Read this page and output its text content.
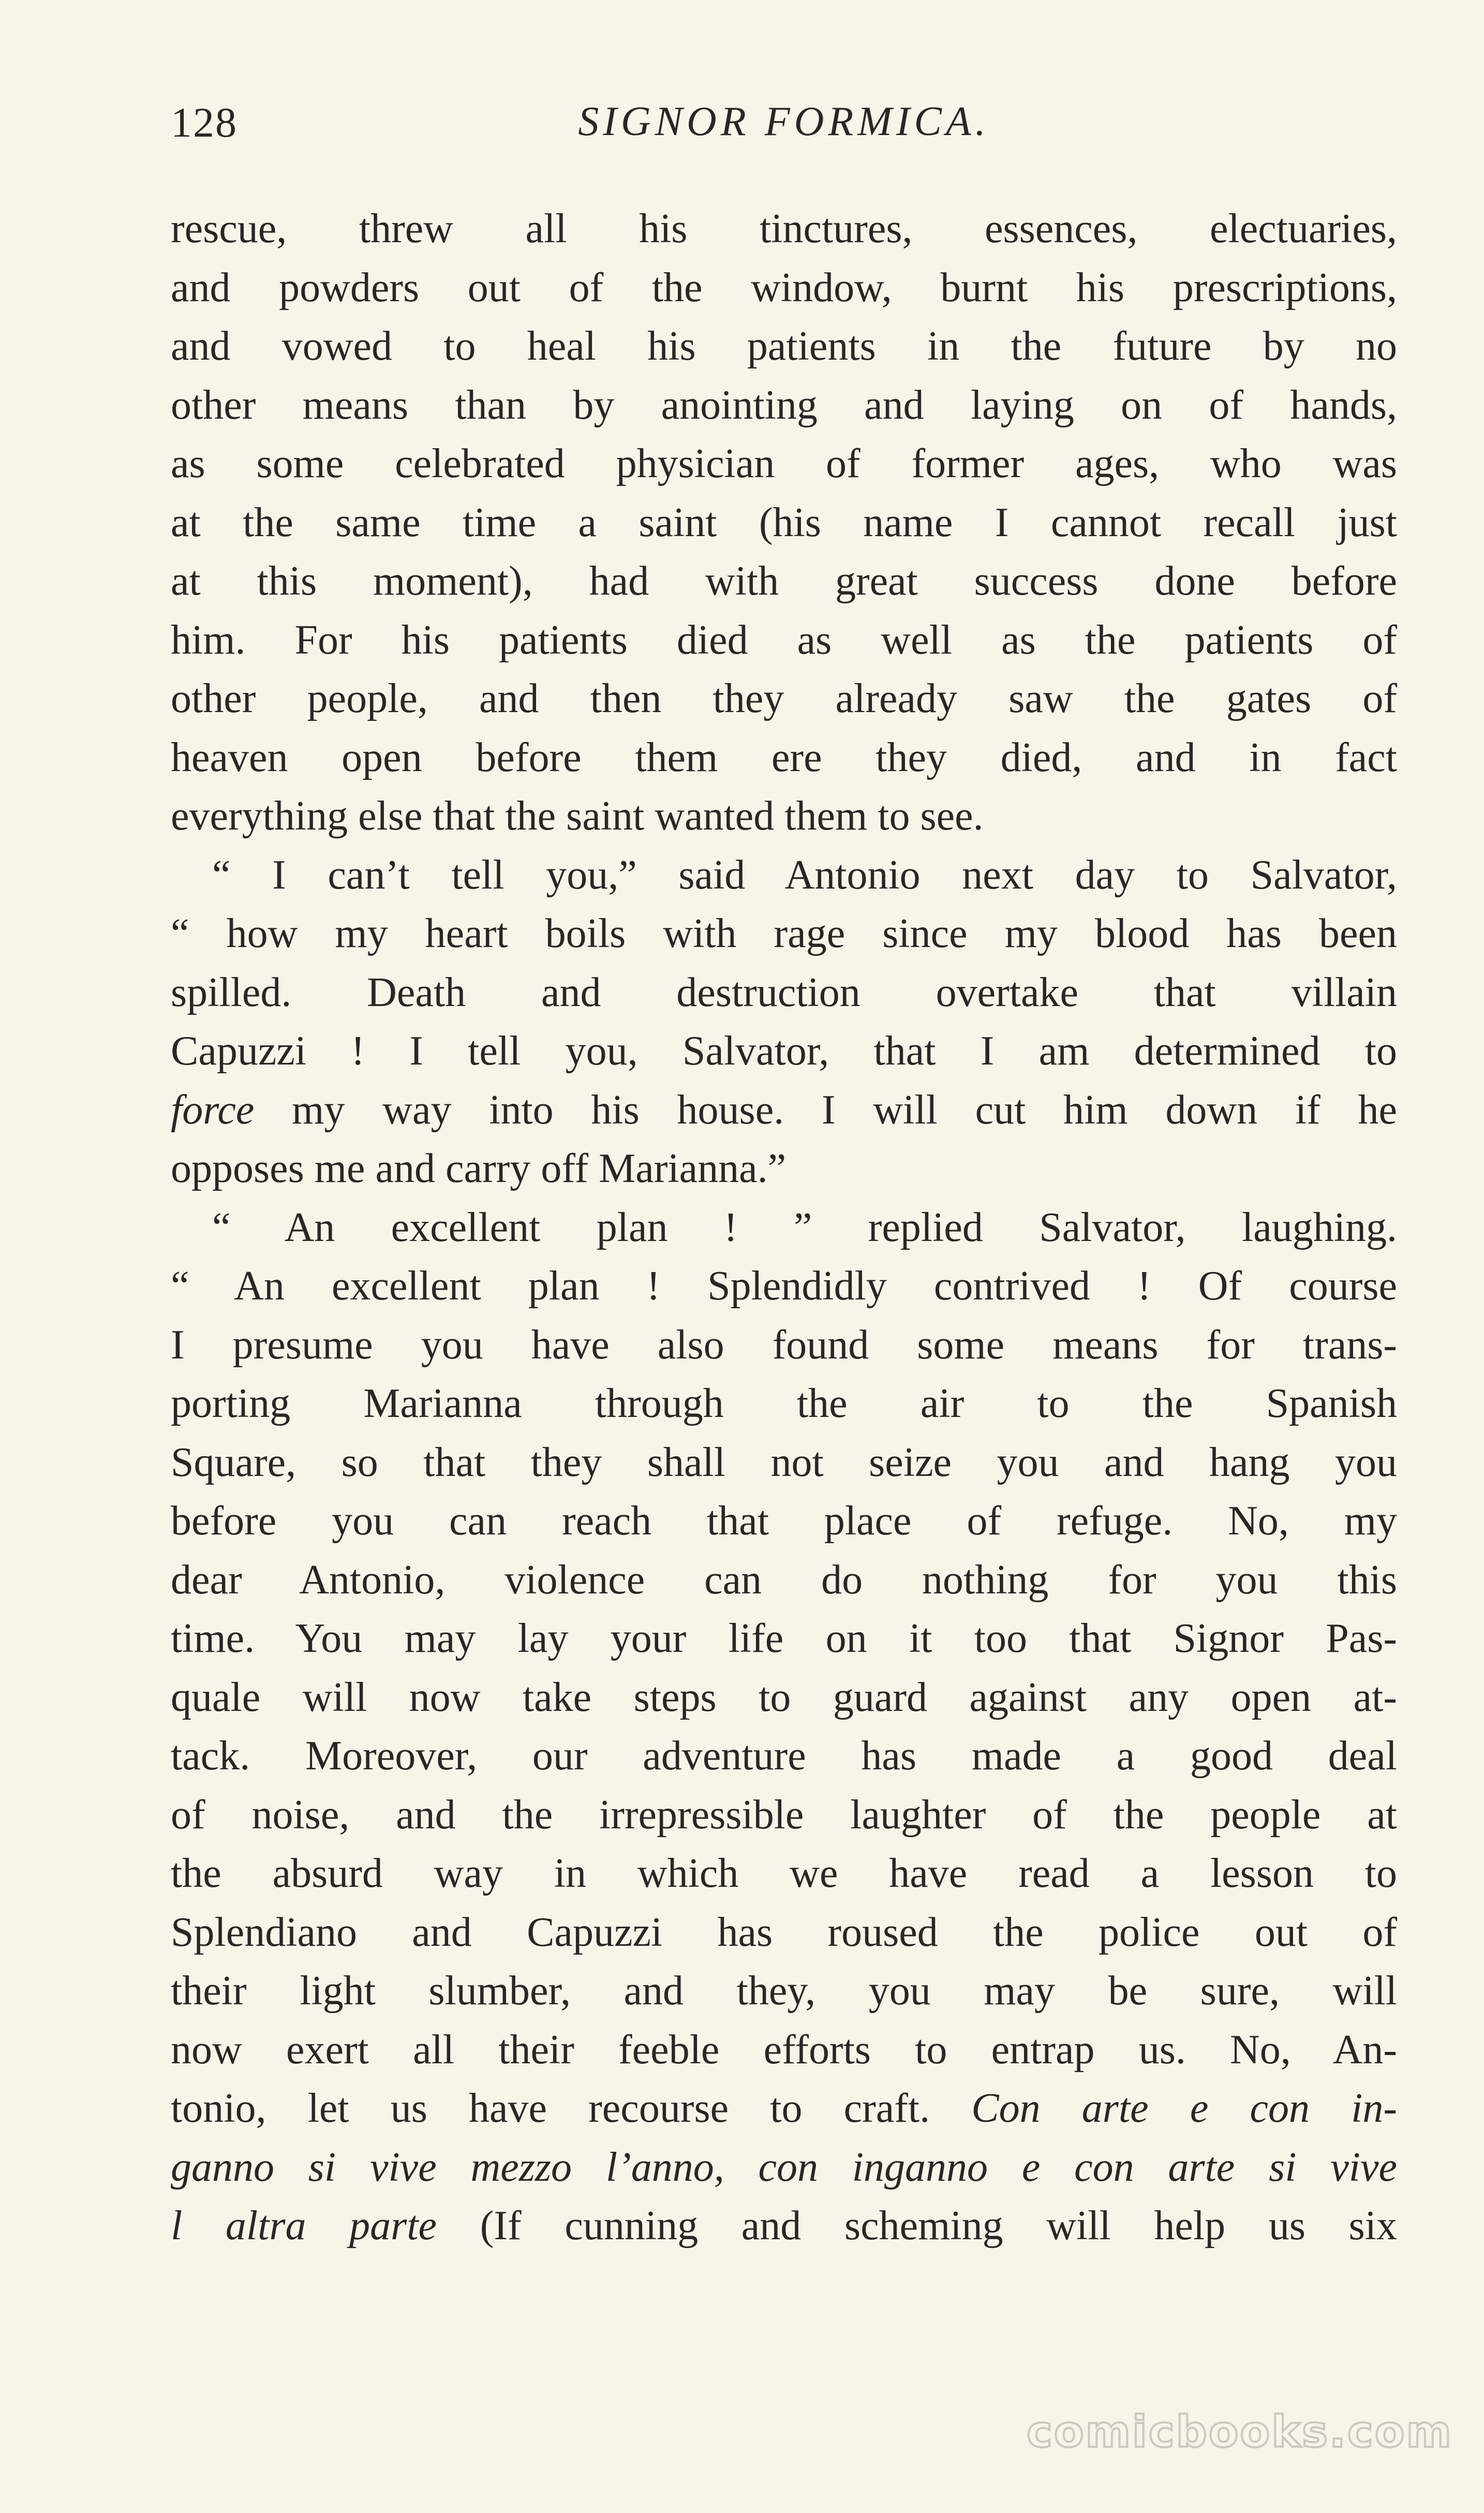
128	SIGNOR FORMICA.
rescue, threw all his tinctures, essences, electuaries,
and powders out of the window, burnt his prescriptions,
and vowed to heal his patients in the future by no
other means than by anointing and laying on of hands,
as some celebrated physician of former ages, who was
at the same time a saint (his name I cannot recall just
at this moment), had with great success done before
him. For his patients died as well as the patients of
other people, and then they already saw the gates of
heaven open before them ere they died, and in fact
everything else that the saint wanted them to see.
“ I can’t tell you,” said Antonio next day to Salvator,
“ how my heart boils with rage since my blood has been
spilled. Death and destruction overtake that villain
Capuzzi ! I tell you, Salvator, that I am determined to
force my way into his house. I will cut him down if he
opposes me and carry off Marianna.”
“ An excellent plan ! ” replied Salvator, laughing.
“ An excellent plan ! Splendidly contrived ! Of course
I presume you have also found some means for trans-
porting Marianna through the air to the Spanish
Square, so that they shall not seize you and hang you
before you can reach that place of refuge. No, my
dear Antonio, violence can do nothing for you this
time. You may lay your life on it too that Signor Pas-
quale will now take steps to guard against any open at-
tack. Moreover, our adventure has made a good deal
of noise, and the irrepressible laughter of the people at
the absurd way in which we have read a lesson to
Splendiano and Capuzzi has roused the police out of
their light slumber, and they, you may be sure, will
now exert all their feeble efforts to entrap us. No, An-
tonio, let us have recourse to craft. Con arte e con in-
ganno si vive mezzo l’anno, con inganno e con arte si vive
l altra parte (If cunning and scheming will help us six
comicbooks.com
